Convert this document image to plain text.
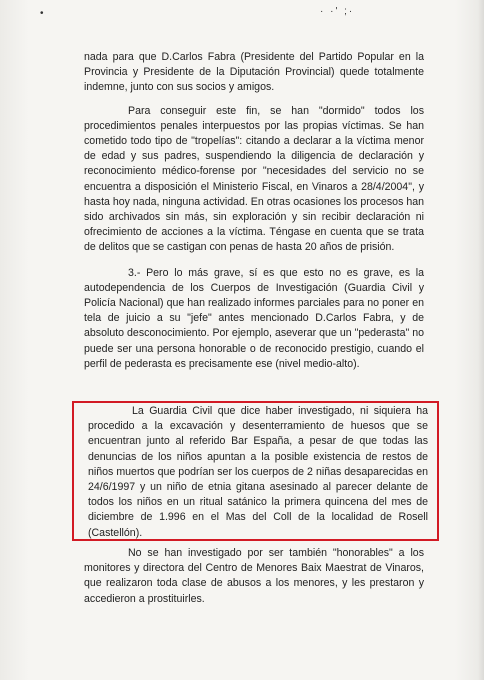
•	· ·' ;·

nada para que D.Carlos Fabra (Presidente del Partido Popular en la Provincia y Presidente de la Diputación Provincial) quede totalmente indemne, junto con sus socios y amigos.

Para conseguir este fin, se han "dormido" todos los procedimientos penales interpuestos por las propias víctimas. Se han cometido todo tipo de "tropelías": citando a declarar a la víctima menor de edad y sus padres, suspendiendo la diligencia de declaración y reconocimiento médico-forense por "necesidades del servicio no se encuentra a disposición el Ministerio Fiscal, en Vinaros a 28/4/2004", y hasta hoy nada, ninguna actividad. En otras ocasiones los procesos han sido archivados sin más, sin exploración y sin recibir declaración ni ofrecimiento de acciones a la víctima. Téngase en cuenta que se trata de delitos que se castigan con penas de hasta 20 años de prisión.

3.- Pero lo más grave, sí es que esto no es grave, es la autodependencia de los Cuerpos de Investigación (Guardia Civil y Policía Nacional) que han realizado informes parciales para no poner en tela de juicio a su "jefe" antes mencionado D.Carlos Fabra, y de absoluto desconocimiento. Por ejemplo, aseverar que un "pederasta" no puede ser una persona honorable o de reconocido prestigio, cuando el perfil de pederasta es precisamente ese (nivel medio-alto).

La Guardia Civil que dice haber investigado, ni siquiera ha procedido a la excavación y desenterramiento de huesos que se encuentran junto al referido Bar España, a pesar de que todas las denuncias de los niños apuntan a la posible existencia de restos de niños muertos que podrían ser los cuerpos de 2 niñas desaparecidas en 24/6/1997 y un niño de etnia gitana asesinado al parecer delante de todos los niños en un ritual satánico la primera quincena del mes de diciembre de 1.996 en el Mas del Coll de la localidad de Rosell (Castellón).

No se han investigado por ser también "honorables" a los monitores y directora del Centro de Menores Baix Maestrat de Vinaros, que realizaron toda clase de abusos a los menores, y les prestaron y accedieron a prostituirles.
